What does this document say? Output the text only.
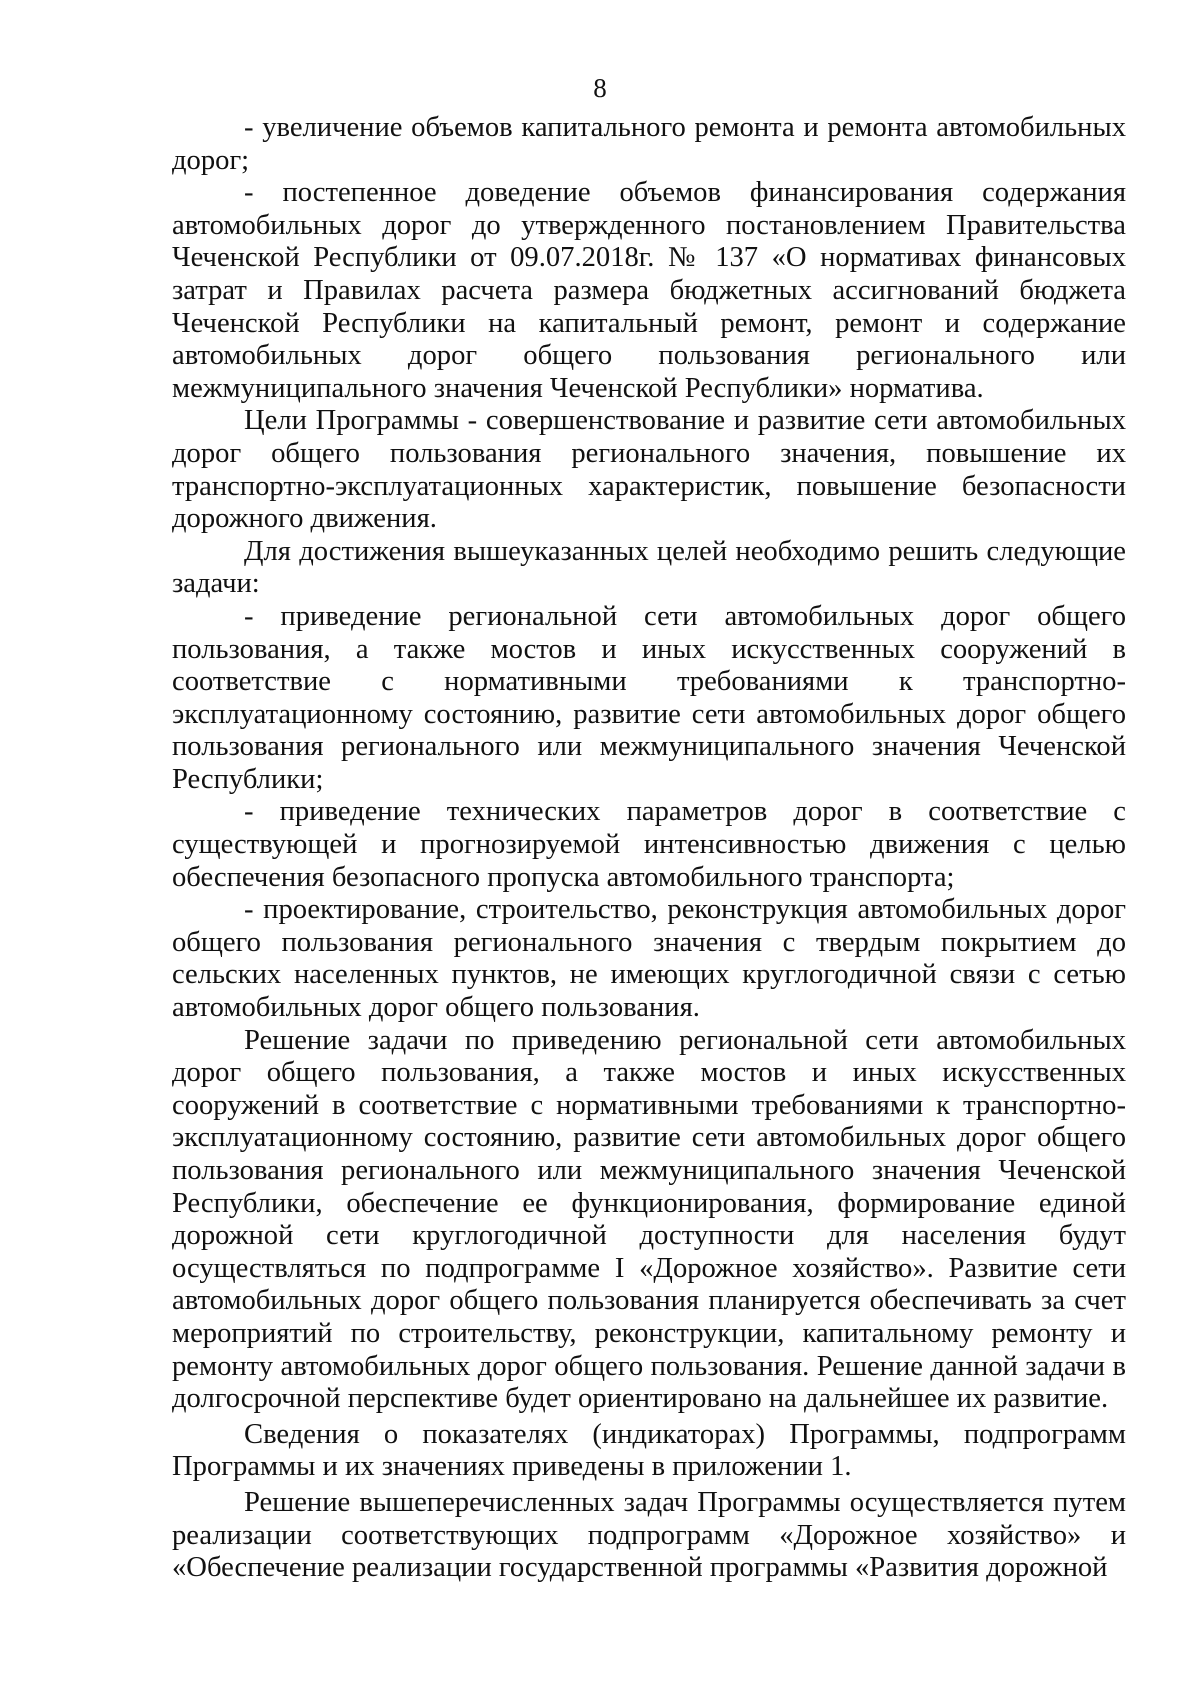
8

- увеличение объемов капитального ремонта и ремонта автомобильных дорог;

- постепенное доведение объемов финансирования содержания автомобильных дорог до утвержденного постановлением Правительства Чеченской Республики от 09.07.2018г. № 137 «О нормативах финансовых затрат и Правилах расчета размера бюджетных ассигнований бюджета Чеченской Республики на капитальный ремонт, ремонт и содержание автомобильных дорог общего пользования регионального или межмуниципального значения Чеченской Республики» норматива.

Цели Программы - совершенствование и развитие сети автомобильных дорог общего пользования регионального значения, повышение их транспортно-эксплуатационных характеристик, повышение безопасности дорожного движения.

Для достижения вышеуказанных целей необходимо решить следующие задачи:

- приведение региональной сети автомобильных дорог общего пользования, а также мостов и иных искусственных сооружений в соответствие с нормативными требованиями к транспортно-эксплуатационному состоянию, развитие сети автомобильных дорог общего пользования регионального или межмуниципального значения Чеченской Республики;

- приведение технических параметров дорог в соответствие с существующей и прогнозируемой интенсивностью движения с целью обеспечения безопасного пропуска автомобильного транспорта;

- проектирование, строительство, реконструкция автомобильных дорог общего пользования регионального значения с твердым покрытием до сельских населенных пунктов, не имеющих круглогодичной связи с сетью автомобильных дорог общего пользования.

Решение задачи по приведению региональной сети автомобильных дорог общего пользования, а также мостов и иных искусственных сооружений в соответствие с нормативными требованиями к транспортно-эксплуатационному состоянию, развитие сети автомобильных дорог общего пользования регионального или межмуниципального значения Чеченской Республики, обеспечение ее функционирования, формирование единой дорожной сети круглогодичной доступности для населения будут осуществляться по подпрограмме I «Дорожное хозяйство». Развитие сети автомобильных дорог общего пользования планируется обеспечивать за счет мероприятий по строительству, реконструкции, капитальному ремонту и ремонту автомобильных дорог общего пользования. Решение данной задачи в долгосрочной перспективе будет ориентировано на дальнейшее их развитие.

Сведения о показателях (индикаторах) Программы, подпрограмм Программы и их значениях приведены в приложении 1.

Решение вышеперечисленных задач Программы осуществляется путем реализации соответствующих подпрограмм «Дорожное хозяйство» и «Обеспечение реализации государственной программы «Развития дорожной
